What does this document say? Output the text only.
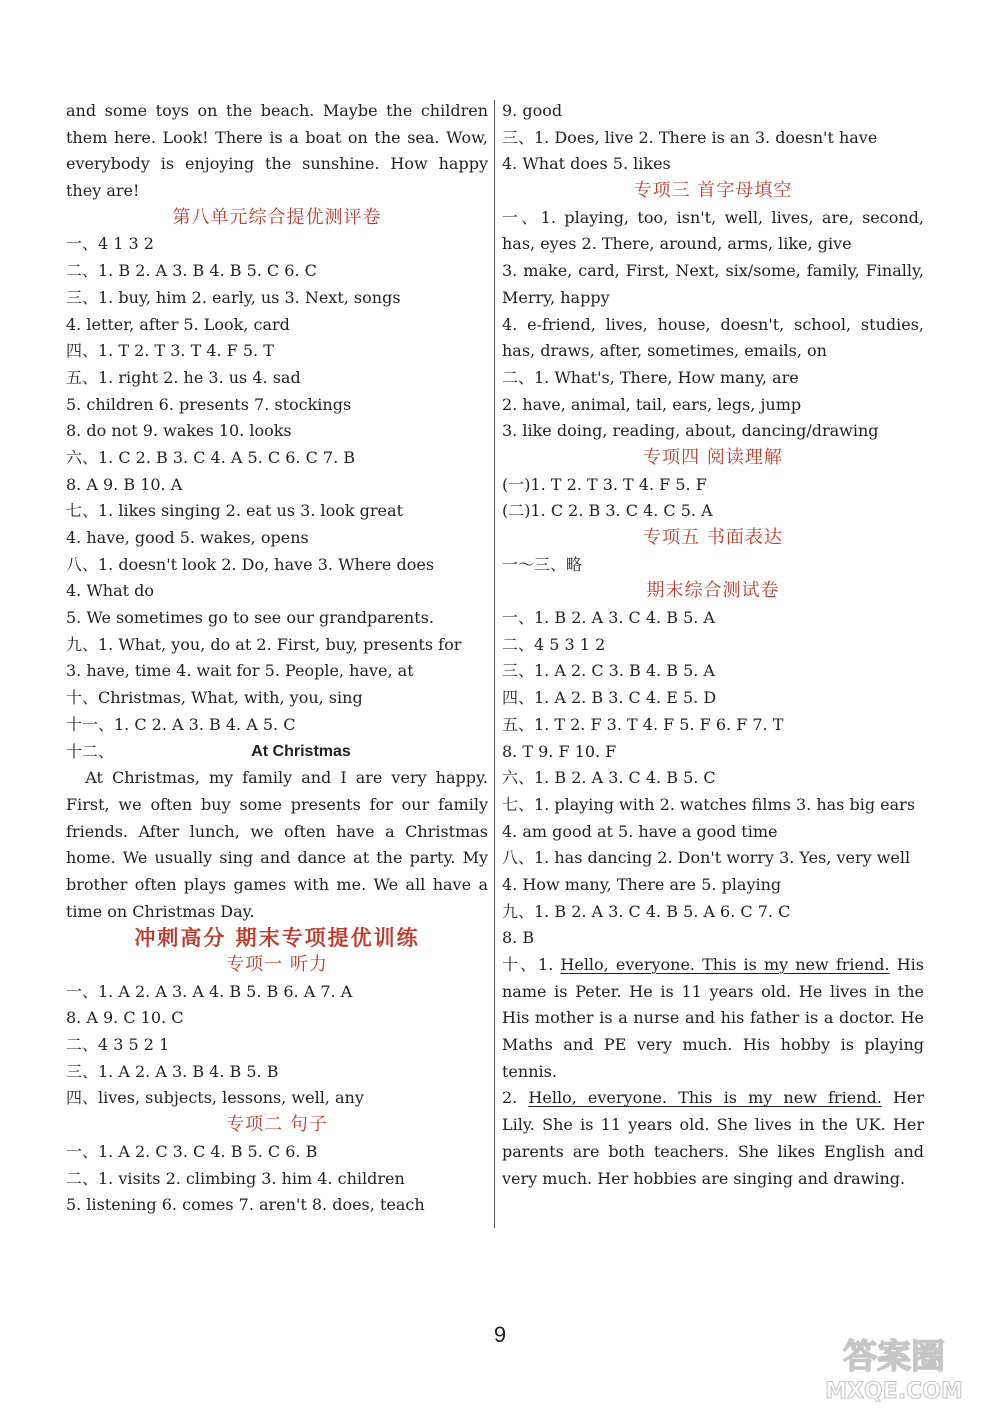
and some toys on the beach. Maybe the children
them here. Look! There is a boat on the sea. Wow,
everybody is enjoying the sunshine. How happy
they are!
第八单元综合提优测评卷
一、4 1 3 2
二、1. B 2. A 3. B 4. B 5. C 6. C
三、1. buy, him 2. early, us 3. Next, songs
4. letter, after 5. Look, card
四、1. T 2. T 3. T 4. F 5. T
五、1. right 2. he 3. us 4. sad
5. children 6. presents 7. stockings
8. do not 9. wakes 10. looks
六、1. C 2. B 3. C 4. A 5. C 6. C 7. B
8. A 9. B 10. A
七、1. likes singing 2. eat us 3. look great
4. have, good 5. wakes, opens
八、1. doesn't look 2. Do, have 3. Where does
4. What do
5. We sometimes go to see our grandparents.
九、1. What, you, do at 2. First, buy, presents for
3. have, time 4. wait for 5. People, have, at
十、Christmas, What, with, you, sing
十一、1. C 2. A 3. B 4. A 5. C
十二、	At Christmas
At Christmas, my family and I are very happy.
First, we often buy some presents for our family
friends. After lunch, we often have a Christmas
home. We usually sing and dance at the party. My
brother often plays games with me. We all have a
time on Christmas Day.
冲刺高分 期末专项提优训练
专项一 听力
一、1. A 2. A 3. A 4. B 5. B 6. A 7. A
8. A 9. C 10. C
二、4 3 5 2 1
三、1. A 2. A 3. B 4. B 5. B
四、lives, subjects, lessons, well, any
专项二 句子
一、1. A 2. C 3. C 4. B 5. C 6. B
二、1. visits 2. climbing 3. him 4. children
5. listening 6. comes 7. aren't 8. does, teach
9. good
三、1. Does, live 2. There is an 3. doesn't have
4. What does 5. likes
专项三 首字母填空
一、1. playing, too, isn't, well, lives, are, second,
has, eyes 2. There, around, arms, like, give
3. make, card, First, Next, six/some, family, Finally,
Merry, happy
4. e-friend, lives, house, doesn't, school, studies,
has, draws, after, sometimes, emails, on
二、1. What's, There, How many, are
2. have, animal, tail, ears, legs, jump
3. like doing, reading, about, dancing/drawing
专项四 阅读理解
(一)1. T 2. T 3. T 4. F 5. F
(二)1. C 2. B 3. C 4. C 5. A
专项五 书面表达
一～三、略
期末综合测试卷
一、1. B 2. A 3. C 4. B 5. A
二、4 5 3 1 2
三、1. A 2. C 3. B 4. B 5. A
四、1. A 2. B 3. C 4. E 5. D
五、1. T 2. F 3. T 4. F 5. F 6. F 7. T
8. T 9. F 10. F
六、1. B 2. A 3. C 4. B 5. C
七、1. playing with 2. watches films 3. has big ears
4. am good at 5. have a good time
八、1. has dancing 2. Don't worry 3. Yes, very well
4. How many, There are 5. playing
九、1. B 2. A 3. C 4. B 5. A 6. C 7. C
8. B
十、1. Hello, everyone. This is my new friend. His
name is Peter. He is 11 years old. He lives in the
His mother is a nurse and his father is a doctor. He
Maths and PE very much. His hobby is playing
tennis.
2. Hello, everyone. This is my new friend. Her
Lily. She is 11 years old. She lives in the UK. Her
parents are both teachers. She likes English and
very much. Her hobbies are singing and drawing.
9
答案圈
MXQE.COM
